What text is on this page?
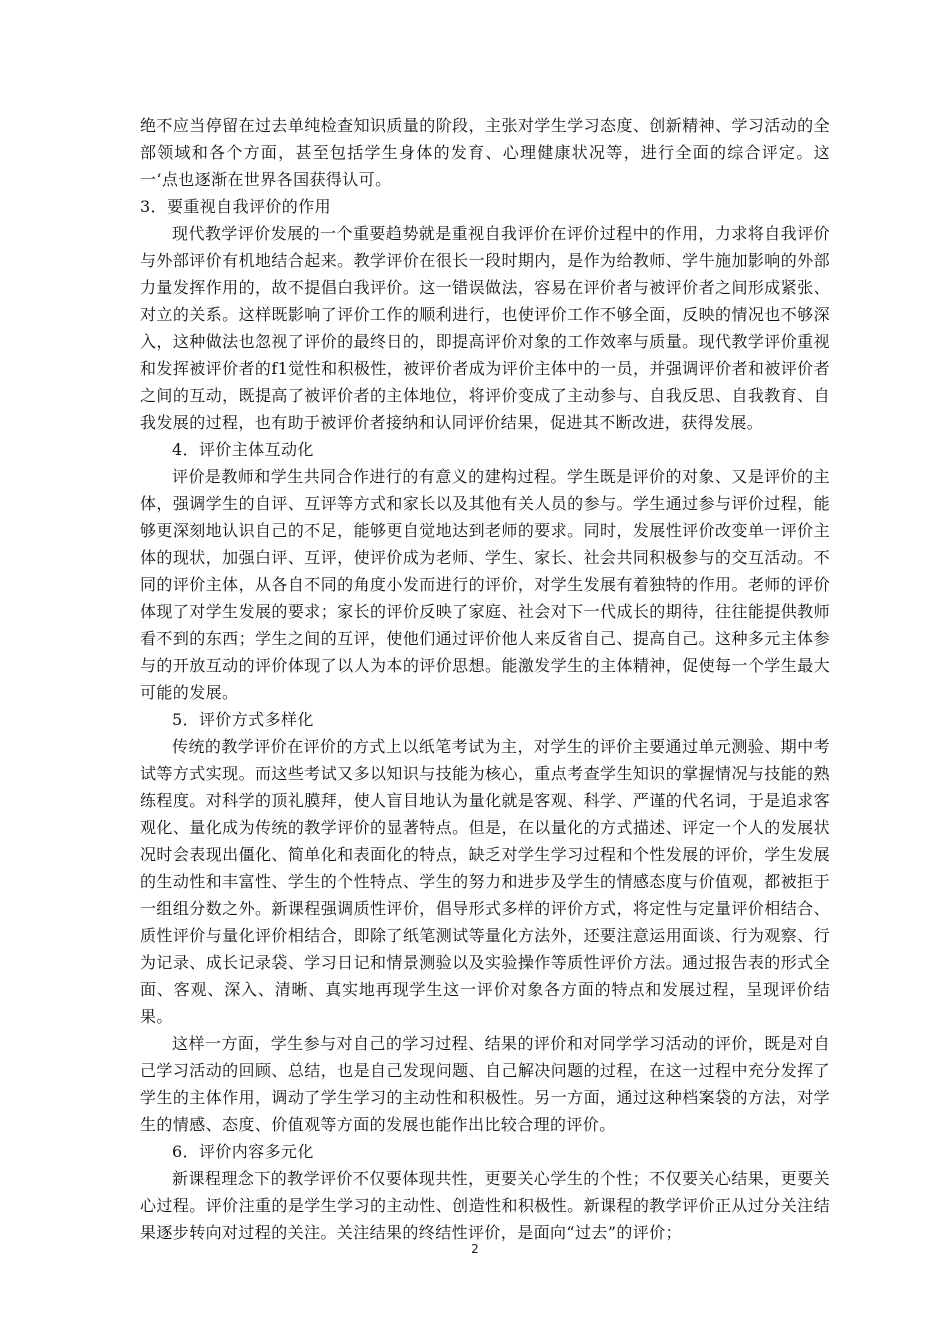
绝不应当停留在过去单纯检查知识质量的阶段，主张对学生学习态度、创新精神、学习活动的全部领域和各个方面，甚至包括学生身体的发育、心理健康状况等，进行全面的综合评定。这一‘点也逐渐在世界各国获得认可。

3．要重视自我评价的作用

现代教学评价发展的一个重要趋势就是重视自我评价在评价过程中的作用，力求将自我评价与外部评价有机地结合起来。教学评价在很长一段时期内，是作为给教师、学牛施加影响的外部力量发挥作用的，故不提倡白我评价。这一错误做法，容易在评价者与被评价者之间形成紧张、对立的关系。这样既影响了评价工作的顺利进行，也使评价工作不够全面，反映的情况也不够深入，这种做法也忽视了评价的最终日的，即提高评价对象的工作效率与质量。现代教学评价重视和发挥被评价者的f1觉性和积极性，被评价者成为评价主体中的一员，并强调评价者和被评价者之间的互动，既提高了被评价者的主体地位，将评价变成了主动参与、自我反思、自我教育、自我发展的过程，也有助于被评价者接纳和认同评价结果，促进其不断改进，获得发展。

4．评价主体互动化

评价是教师和学生共同合作进行的有意义的建构过程。学生既是评价的对象、又是评价的主体，强调学生的自评、互评等方式和家长以及其他有关人员的参与。学生通过参与评价过程，能够更深刻地认识自己的不足，能够更自觉地达到老师的要求。同时，发展性评价改变单一评价主体的现状，加强白评、互评，使评价成为老师、学生、家长、社会共同积极参与的交互活动。不同的评价主体，从各自不同的角度小发而进行的评价，对学生发展有着独特的作用。老师的评价体现了对学生发展的要求；家长的评价反映了家庭、社会对下一代成长的期待，往往能提供教师看不到的东西；学生之间的互评，使他们通过评价他人来反省自己、提高自己。这种多元主体参与的开放互动的评价体现了以人为本的评价思想。能激发学生的主体精神，促使每一个学生最大可能的发展。

5．评价方式多样化

传统的教学评价在评价的方式上以纸笔考试为主，对学生的评价主要通过单元测验、期中考试等方式实现。而这些考试又多以知识与技能为核心，重点考查学生知识的掌握情况与技能的熟练程度。对科学的顶礼膜拜，使人盲目地认为量化就是客观、科学、严谨的代名词，于是追求客观化、量化成为传统的教学评价的显著特点。但是，在以量化的方式描述、评定一个人的发展状况时会表现出僵化、简单化和表面化的特点，缺乏对学生学习过程和个性发展的评价，学生发展的生动性和丰富性、学生的个性特点、学生的努力和进步及学生的情感态度与价值观，都被拒于一组组分数之外。新课程强调质性评价，倡导形式多样的评价方式，将定性与定量评价相结合、质性评价与量化评价相结合，即除了纸笔测试等量化方法外，还要注意运用面谈、行为观察、行为记录、成长记录袋、学习日记和情景测验以及实验操作等质性评价方法。通过报告表的形式全面、客观、深入、清晰、真实地再现学生这一评价对象各方面的特点和发展过程，呈现评价结果。

这样一方面，学生参与对自己的学习过程、结果的评价和对同学学习活动的评价，既是对自己学习活动的回顾、总结，也是自己发现问题、自己解决问题的过程，在这一过程中充分发挥了学生的主体作用，调动了学生学习的主动性和积极性。另一方面，通过这种档案袋的方法，对学生的情感、态度、价值观等方面的发展也能作出比较合理的评价。

6．评价内容多元化

新课程理念下的教学评价不仅要体现共性，更要关心学生的个性；不仅要关心结果，更要关心过程。评价注重的是学生学习的主动性、创造性和积极性。新课程的教学评价正从过分关注结果逐步转向对过程的关注。关注结果的终结性评价，是面向“过去”的评价；

2
